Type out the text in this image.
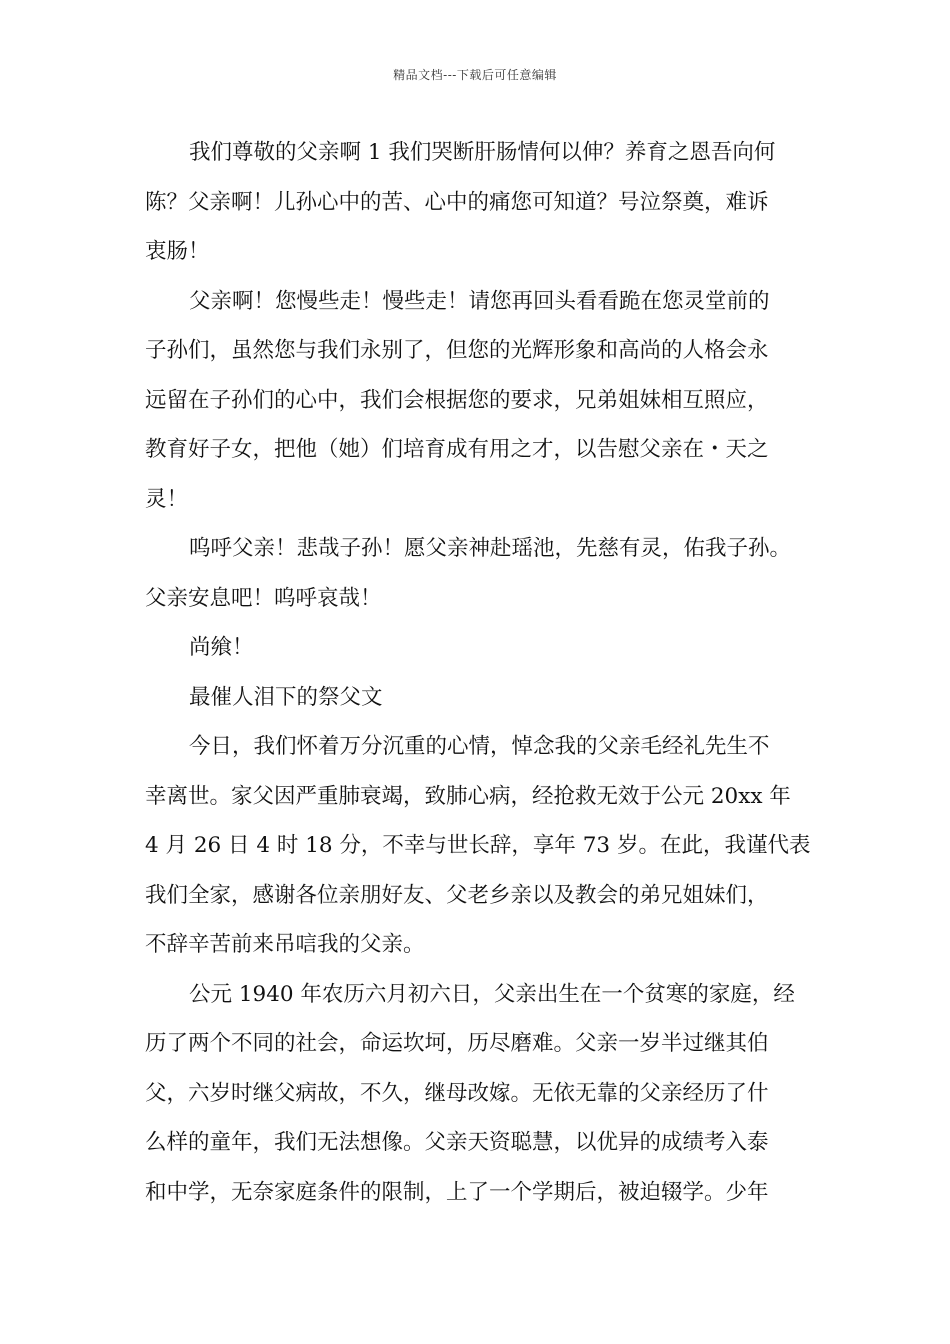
精品文档---下载后可任意编辑
我们尊敬的父亲啊 1 我们哭断肝肠情何以伸？养育之恩吾向何
陈？父亲啊！儿孙心中的苦、心中的痛您可知道？号泣祭奠，难诉
衷肠！
父亲啊！您慢些走！慢些走！请您再回头看看跪在您灵堂前的
子孙们，虽然您与我们永别了，但您的光辉形象和高尚的人格会永
远留在子孙们的心中，我们会根据您的要求，兄弟姐妹相互照应，
教育好子女，把他（她）们培育成有用之才，以告慰父亲在・天之
灵！
呜呼父亲！悲哉子孙！愿父亲神赴瑶池，先慈有灵，佑我子孙。
父亲安息吧！呜呼哀哉！
尚飨！
最催人泪下的祭父文
今日，我们怀着万分沉重的心情，悼念我的父亲毛经礼先生不
幸离世。家父因严重肺衰竭，致肺心病，经抢救无效于公元 20xx 年
4 月 26 日 4 时 18 分，不幸与世长辞，享年 73 岁。在此，我谨代表
我们全家，感谢各位亲朋好友、父老乡亲以及教会的弟兄姐妹们，
不辞辛苦前来吊唁我的父亲。
公元 1940 年农历六月初六日，父亲出生在一个贫寒的家庭，经
历了两个不同的社会，命运坎坷，历尽磨难。父亲一岁半过继其伯
父，六岁时继父病故，不久，继母改嫁。无依无靠的父亲经历了什
么样的童年，我们无法想像。父亲天资聪慧，以优异的成绩考入泰
和中学，无奈家庭条件的限制，上了一个学期后，被迫辍学。少年
